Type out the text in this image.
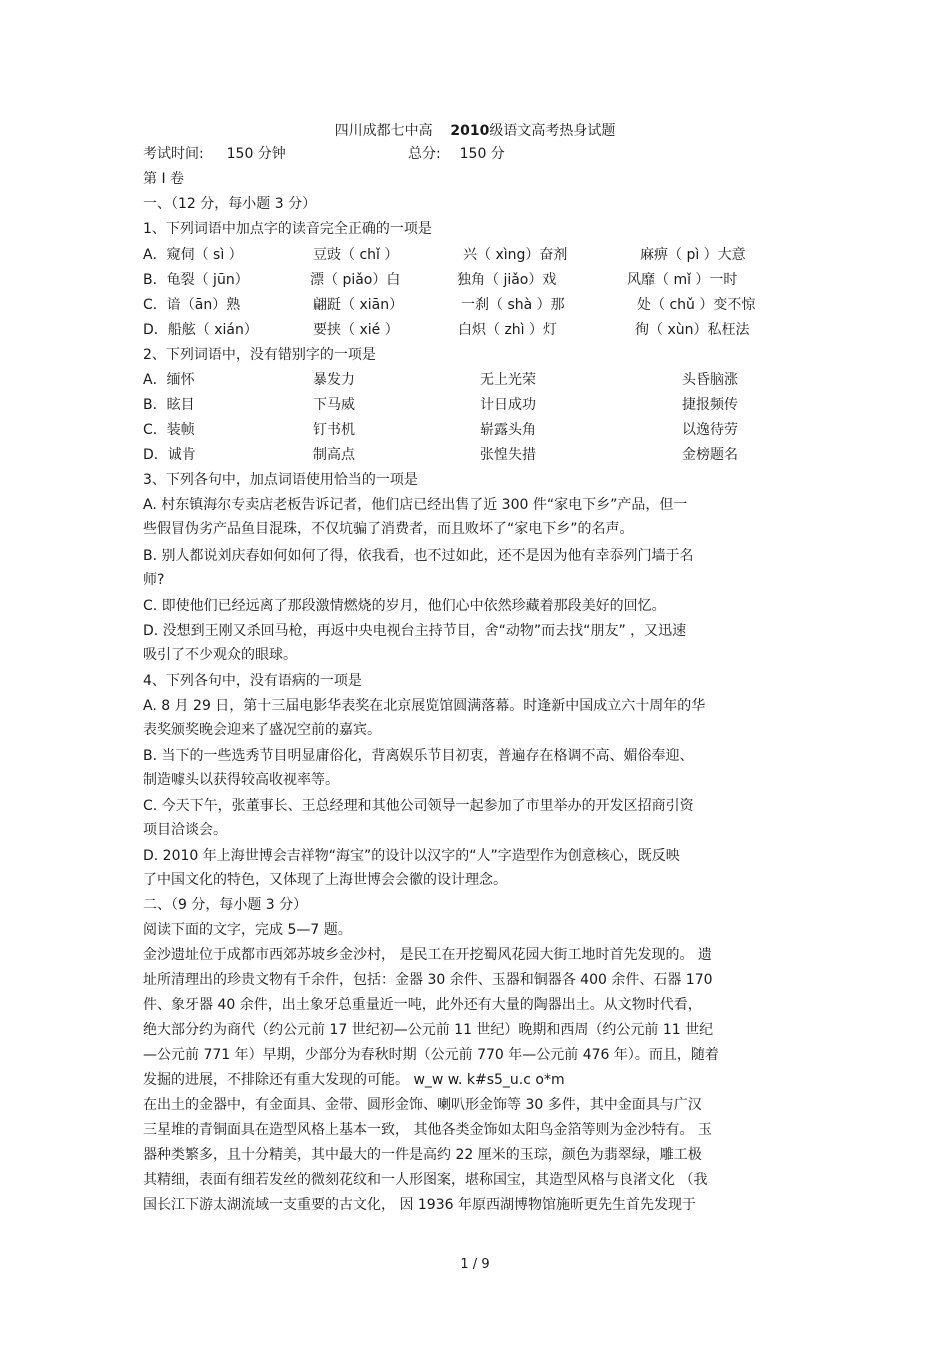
四川成都七中高 2010级语文高考热身试题
考试时间: 150 分钟	总分: 150 分
第 I 卷
一、（12 分，每小题 3 分）
1、下列词语中加点字的读音完全正确的一项是
A．窥伺（ sì ）	豆豉（ chǐ ）	兴（ xìng）奋剂	麻痹（ pì ）大意
B．龟裂（ jūn）	漂（ piǎo）白	独角（ jiǎo）戏	风靡（ mǐ ）一时
C．谙（ān）熟	翩跹（ xiān）	一刹（ shà ）那	处（ chǔ ）变不惊
D．船舷（ xián）	要挟（ xié ）	白炽（ zhì ）灯	徇（ xùn）私枉法
2、下列词语中，没有错别字的一项是
A．缅怀	暴发力	无上光荣	头昏脑涨
B．眩目	下马威	计日成功	捷报频传
C．装帧	钉书机	崭露头角	以逸待劳
D．诚肯	制高点	张惶失措	金榜题名
3、下列各句中，加点词语使用恰当的一项是
A. 村东镇海尔专卖店老板告诉记者，他们店已经出售了近 300 件“家电下乡”产品，但一
些假冒伪劣产品鱼目混珠，不仅坑骗了消费者，而且败坏了“家电下乡”的名声。
B. 别人都说刘庆春如何如何了得，依我看，也不过如此，还不是因为他有幸忝列门墙于名
师?
C. 即使他们已经远离了那段激情燃烧的岁月，他们心中依然珍藏着那段美好的回忆。
D. 没想到王刚又杀回马枪，再返中央电视台主持节目，舍“动物”而去找“朋友” ，又迅速
吸引了不少观众的眼球。
4、下列各句中，没有语病的一项是
A. 8 月 29 日，第十三届电影华表奖在北京展览馆圆满落幕。时逢新中国成立六十周年的华
表奖颁奖晚会迎来了盛况空前的嘉宾。
B. 当下的一些选秀节目明显庸俗化，背离娱乐节目初衷，普遍存在格调不高、媚俗奉迎、
制造噱头以获得较高收视率等。
C. 今天下午，张董事长、王总经理和其他公司领导一起参加了市里举办的开发区招商引资
项目洽谈会。
D. 2010 年上海世博会吉祥物“海宝”的设计以汉字的“人”字造型作为创意核心，既反映
了中国文化的特色，又体现了上海世博会会徽的设计理念。
二、（9 分，每小题 3 分）
阅读下面的文字，完成 5—7 题。
金沙遗址位于成都市西郊苏坡乡金沙村， 是民工在开挖蜀风花园大街工地时首先发现的。 遗
址所清理出的珍贵文物有千余件，包括：金器 30 余件、玉器和铜器各 400 余件、石器 170
件、象牙器 40 余件，出土象牙总重量近一吨，此外还有大量的陶器出土。从文物时代看，
绝大部分约为商代（约公元前 17 世纪初—公元前 11 世纪）晚期和西周（约公元前 11 世纪
—公元前 771 年）早期，少部分为春秋时期（公元前 770 年—公元前 476 年）。而且，随着
发掘的进展，不排除还有重大发现的可能。 w_w w. k#s5_u.c o*m
在出土的金器中，有金面具、金带、圆形金饰、喇叭形金饰等 30 多件，其中金面具与广汉
三星堆的青铜面具在造型风格上基本一致， 其他各类金饰如太阳鸟金箔等则为金沙特有。 玉
器种类繁多，且十分精美，其中最大的一件是高约 22 厘米的玉琮，颜色为翡翠绿，雕工极
其精细，表面有细若发丝的微刻花纹和一人形图案，堪称国宝，其造型风格与良渚文化 （我
国长江下游太湖流域一支重要的古文化， 因 1936 年原西湖博物馆施昕更先生首先发现于
1 / 9
